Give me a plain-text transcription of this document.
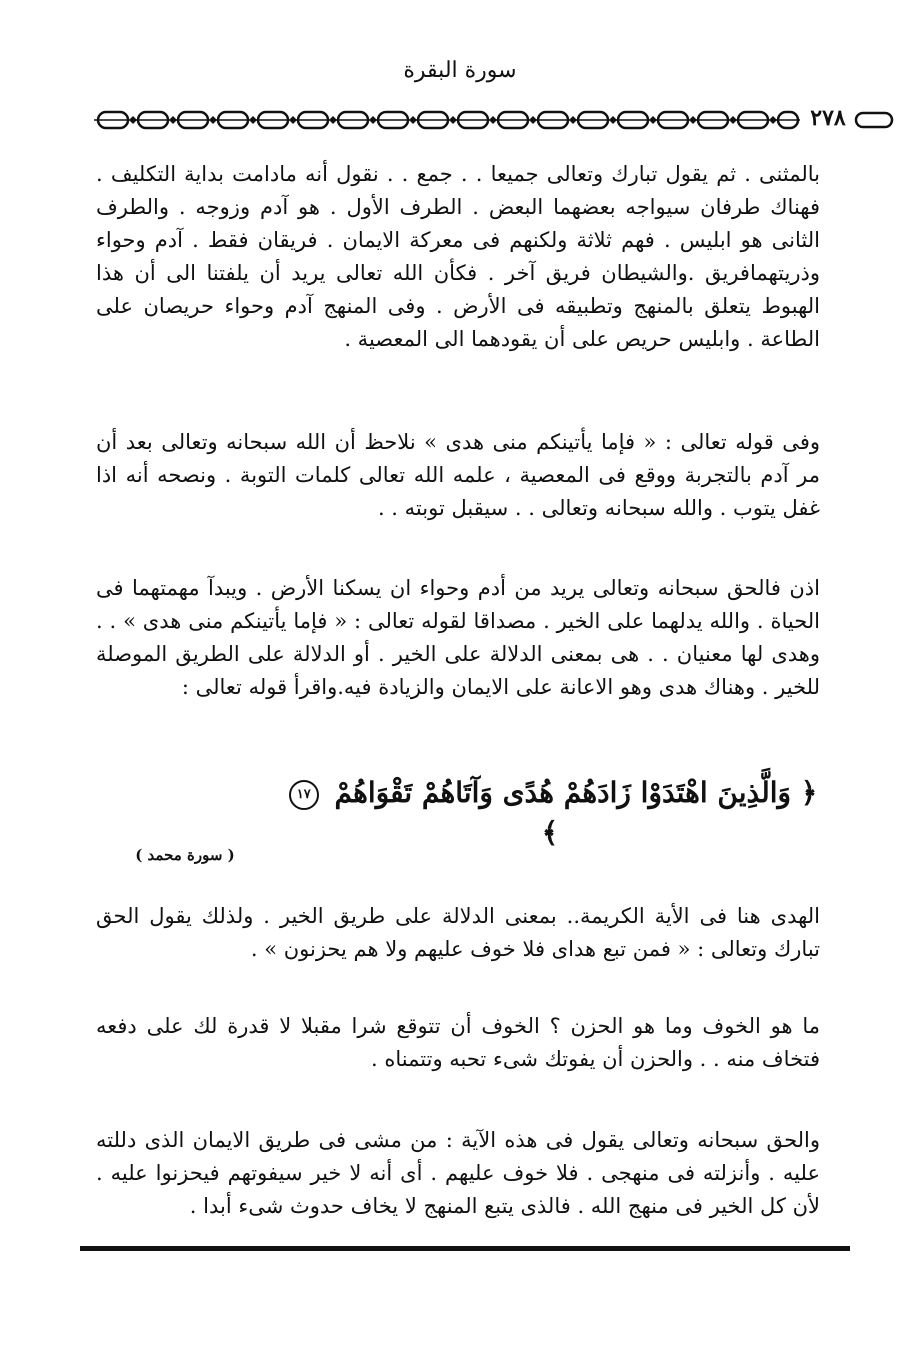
سورة البقرة
٢٧٨

بالمثنى . ثم يقول تبارك وتعالى جميعا . . جمع . . نقول أنه مادامت بداية التكليف . فهناك طرفان سيواجه بعضهما البعض . الطرف الأول . هو آدم وزوجه . والطرف الثانى هو ابليس . فهم ثلاثة ولكنهم فى معركة الايمان . فريقان فقط . آدم وحواء وذريتهمافريق .والشيطان فريق آخر . فكأن الله تعالى يريد أن يلفتنا الى أن هذا الهبوط يتعلق بالمنهج وتطبيقه فى الأرض . وفى المنهج آدم وحواء حريصان على الطاعة . وابليس حريص على أن يقودهما الى المعصية .

وفى قوله تعالى : « فإما يأتينكم منى هدى » نلاحظ أن الله سبحانه وتعالى بعد أن مر آدم بالتجربة ووقع فى المعصية ، علمه الله تعالى كلمات التوبة . ونصحه أنه اذا غفل يتوب . والله سبحانه وتعالى . . سيقبل توبته . .

اذن فالحق سبحانه وتعالى يريد من أدم وحواء ان يسكنا الأرض . ويبدآ مهمتهما فى الحياة . والله يدلهما على الخير . مصداقا لقوله تعالى : « فإما يأتينكم منى هدى » . . وهدى لها معنيان . . هى بمعنى الدلالة على الخير . أو الدلالة على الطريق الموصلة للخير . وهناك هدى وهو الاعانة على الايمان والزيادة فيه.واقرأ قوله تعالى :

﴿ وَالَّذِينَ اهْتَدَوْا زَادَهُمْ هُدًى وَآتَاهُمْ تَقْوَاهُمْ ١٧ ﴾
( سورة محمد )

الهدى هنا فى الأية الكريمة.. بمعنى الدلالة على طريق الخير . ولذلك يقول الحق تبارك وتعالى : « فمن تبع هداى فلا خوف عليهم ولا هم يحزنون » .

ما هو الخوف وما هو الحزن ؟ الخوف أن تتوقع شرا مقبلا لا قدرة لك على دفعه فتخاف منه . . والحزن أن يفوتك شىء تحبه وتتمناه .

والحق سبحانه وتعالى يقول فى هذه الآية : من مشى فى طريق الايمان الذى دللته عليه . وأنزلته فى منهجى . فلا خوف عليهم . أى أنه لا خير سيفوتهم فيحزنوا عليه . لأن كل الخير فى منهج الله . فالذى يتبع المنهج لا يخاف حدوث شىء أبدا .
